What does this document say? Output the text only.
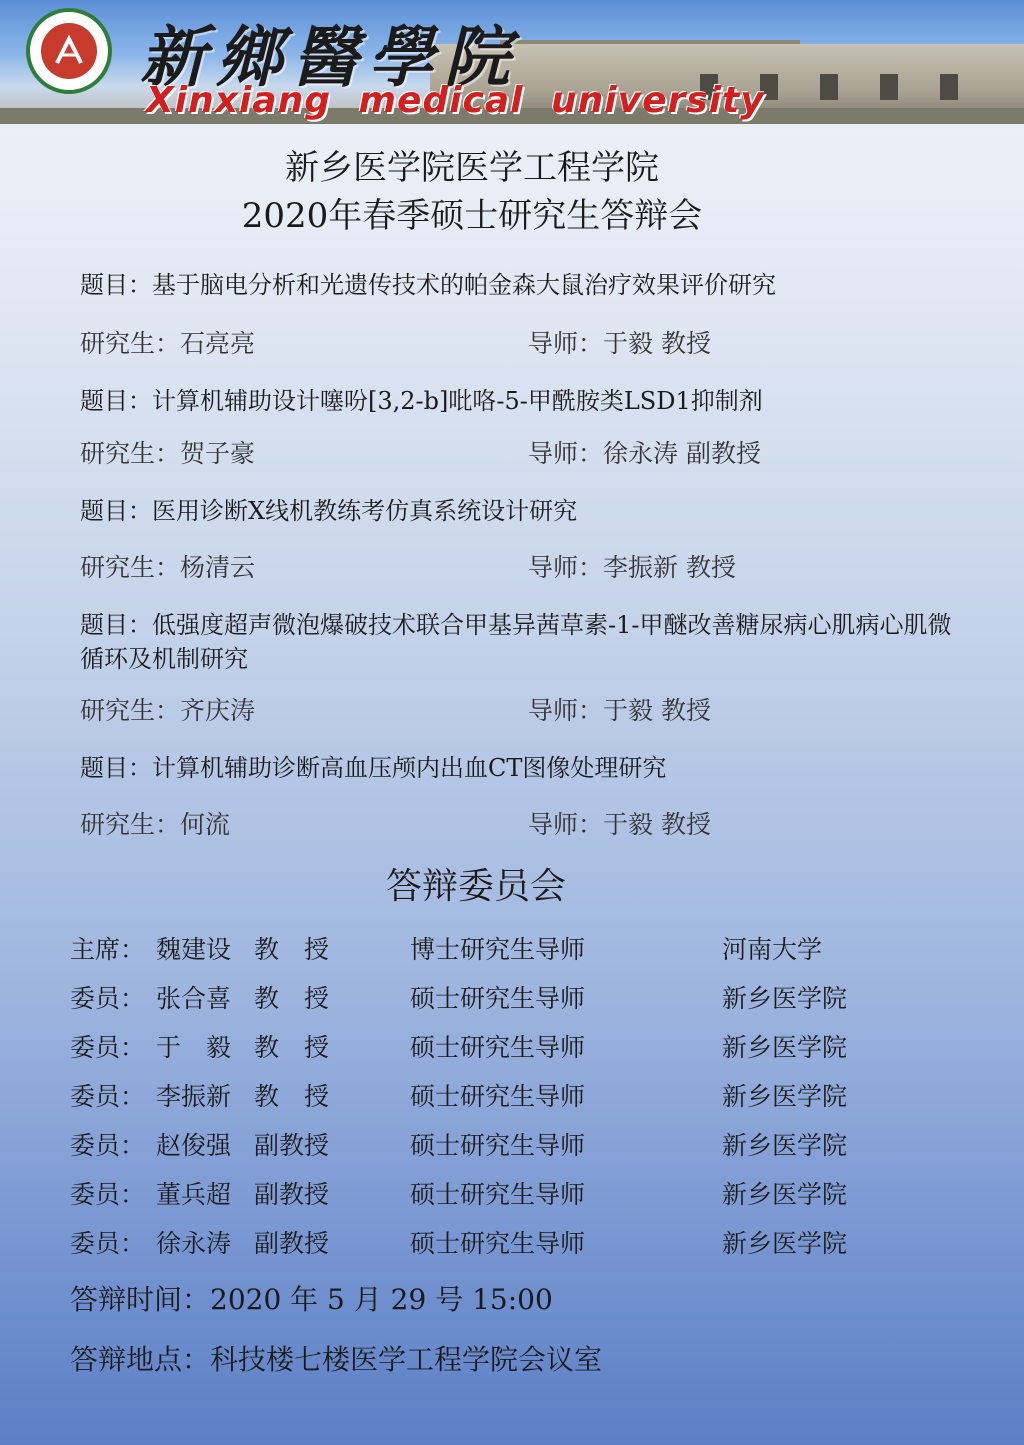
新鄉醫學院
Xinxiang medical university
新乡医学院医学工程学院
2020年春季硕士研究生答辩会
题目：基于脑电分析和光遗传技术的帕金森大鼠治疗效果评价研究
研究生：石亮亮	导师：于毅 教授
题目：计算机辅助设计噻吩[3,2-b]吡咯-5-甲酰胺类LSD1抑制剂
研究生：贺子豪	导师：徐永涛 副教授
题目：医用诊断X线机教练考仿真系统设计研究
研究生：杨清云	导师：李振新 教授
题目：低强度超声微泡爆破技术联合甲基异茜草素-1-甲醚改善糖尿病心肌病心肌微循环及机制研究
研究生：齐庆涛	导师：于毅 教授
题目：计算机辅助诊断高血压颅内出血CT图像处理研究
研究生：何流	导师：于毅 教授
答辩委员会
主席： 魏建设 教　授	博士研究生导师	河南大学
委员： 张合喜 教　授	硕士研究生导师	新乡医学院
委员： 于　毅 教　授	硕士研究生导师	新乡医学院
委员： 李振新 教　授	硕士研究生导师	新乡医学院
委员： 赵俊强 副教授	硕士研究生导师	新乡医学院
委员： 董兵超 副教授	硕士研究生导师	新乡医学院
委员： 徐永涛 副教授	硕士研究生导师	新乡医学院
答辩时间：2020 年 5 月 29 号 15:00
答辩地点：科技楼七楼医学工程学院会议室
